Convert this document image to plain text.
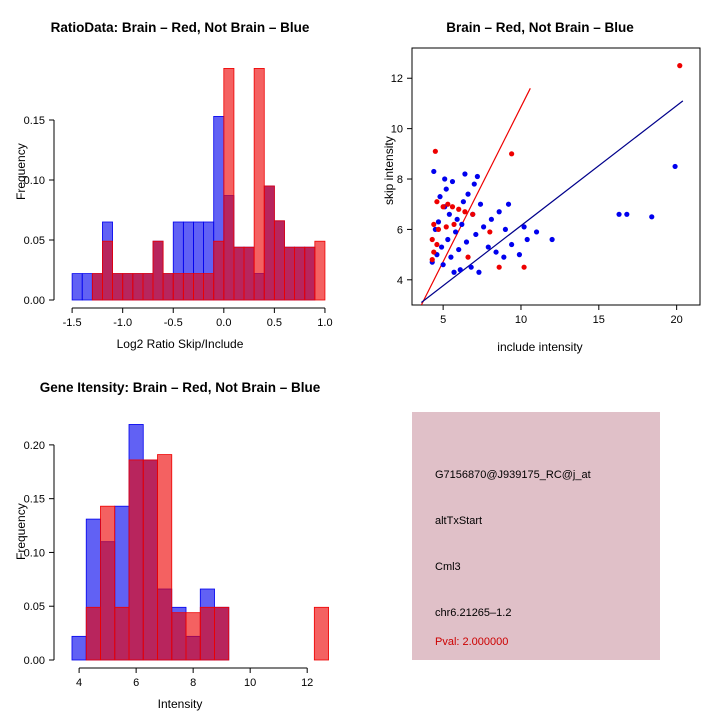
RatioData: Brain – Red, Not Brain – Blue
-1.5	-1.0	-0.5	0.0	0.5	1.0
0.00
0.05
0.10
0.15
Log2 Ratio Skip/Include
Frequency
Brain – Red, Not Brain – Blue
5	10	15	20
4
6
8
10
12
include intensity
skip intensity
Gene Itensity: Brain – Red, Not Brain – Blue
4	6	8	10	12
0.00
0.05
0.10
0.15
0.20
Intensity
Frequency
G7156870@J939175_RC@j_at
altTxStart
Cml3
chr6.21265–1.2
Pval: 2.000000
